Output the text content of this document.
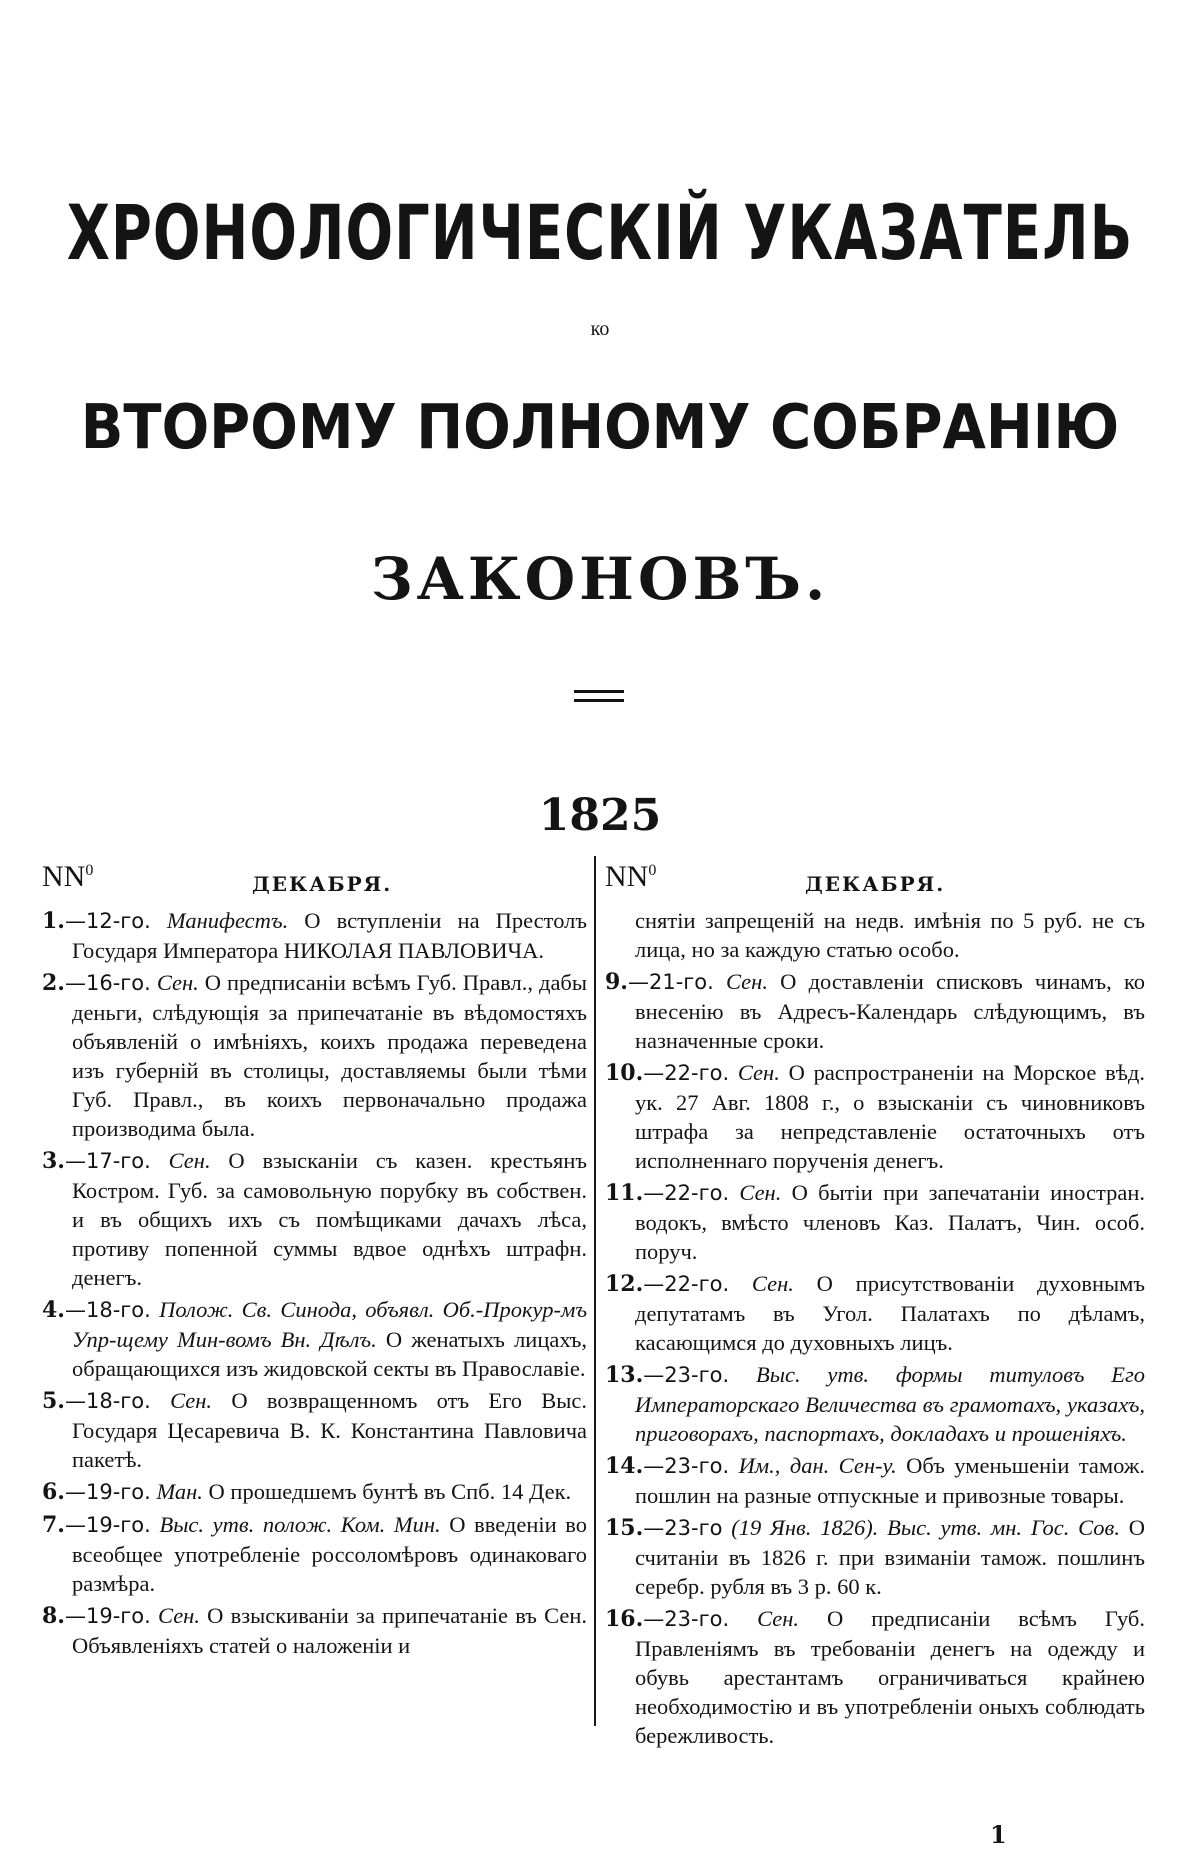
ХРОНОЛОГИЧЕСКІЙ УКАЗАТЕЛЬ
ко
ВТОРОМУ ПОЛНОМУ СОБРАНІЮ
ЗАКОНОВЪ.
1825
$NN^0$
ДЕКАБРЯ.
1.—12-го. Манифестъ. О вступленіи на Престолъ Государя Императора НИКОЛАЯ ПАВЛОВИЧА.
2.—16-го. Сен. О предписаніи всѣмъ Губ. Правл., дабы деньги, слѣдующія за припечатаніе въ вѣдомостяхъ объявленій о имѣніяхъ, коихъ продажа переведена изъ губерній въ столицы, доставляемы были тѣми Губ. Правл., въ коихъ первоначально продажа производима была.
3.—17-го. Сен. О взысканіи съ казен. крестьянъ Костром. Губ. за самовольную порубку въ собствен. и въ общихъ ихъ съ помѣщиками дачахъ лѣса, противу попенной суммы вдвое однѣхъ штрафн. денегъ.
4.—18-го. Полож. Св. Синода, объявл. Об.-Прокур-мъ Упр-щему Мин-вомъ Вн. Дѣлъ. О женатыхъ лицахъ, обращающихся изъ жидовской секты въ Православіе.
5.—18-го. Сен. О возвращенномъ отъ Его Выс. Государя Цесаревича В. К. Константина Павловича пакетѣ.
6.—19-го. Ман. О прошедшемъ бунтѣ въ Спб. 14 Дек.
7.—19-го. Выс. утв. полож. Ком. Мин. О введеніи во всеобщее употребленіе россоломѣровъ одинаковаго размѣра.
8.—19-го. Сен. О взыскиваніи за припечатаніе въ Сен. Объявленіяхъ статей о наложеніи и
$NN^0$
ДЕКАБРЯ.
снятіи запрещеній на недв. имѣнія по 5 руб. не съ лица, но за каждую статью особо.
9.—21-го. Сен. О доставленіи списковъ чинамъ, ко внесенію въ Адресъ-Календарь слѣдующимъ, въ назначенные сроки.
10.—22-го. Сен. О распространеніи на Морское вѣд. ук. 27 Авг. 1808 г., о взысканіи съ чиновниковъ штрафа за непредставленіе остаточныхъ отъ исполненнаго порученія денегъ.
11.—22-го. Сен. О бытіи при запечатаніи иностран. водокъ, вмѣсто членовъ Каз. Палатъ, Чин. особ. поруч.
12.—22-го. Сен. О присутствованіи духовнымъ депутатамъ въ Угол. Палатахъ по дѣламъ, касающимся до духовныхъ лицъ.
13.—23-го. Выс. утв. формы титуловъ Его Императорскаго Величества въ грамотахъ, указахъ, приговорахъ, паспортахъ, докладахъ и прошеніяхъ.
14.—23-го. Им., дан. Сен-у. Объ уменьшеніи тамож. пошлин на разные отпускные и привозные товары.
15.—23-го (19 Янв. 1826). Выс. утв. мн. Гос. Сов. О считаніи въ 1826 г. при взиманіи тамож. пошлинъ серебр. рубля въ 3 р. 60 к.
16.—23-го. Сен. О предписаніи всѣмъ Губ. Правленіямъ въ требованіи денегъ на одежду и обувь арестантамъ ограничиваться крайнею необходимостію и въ употребленіи оныхъ соблюдать бережливость.
1
